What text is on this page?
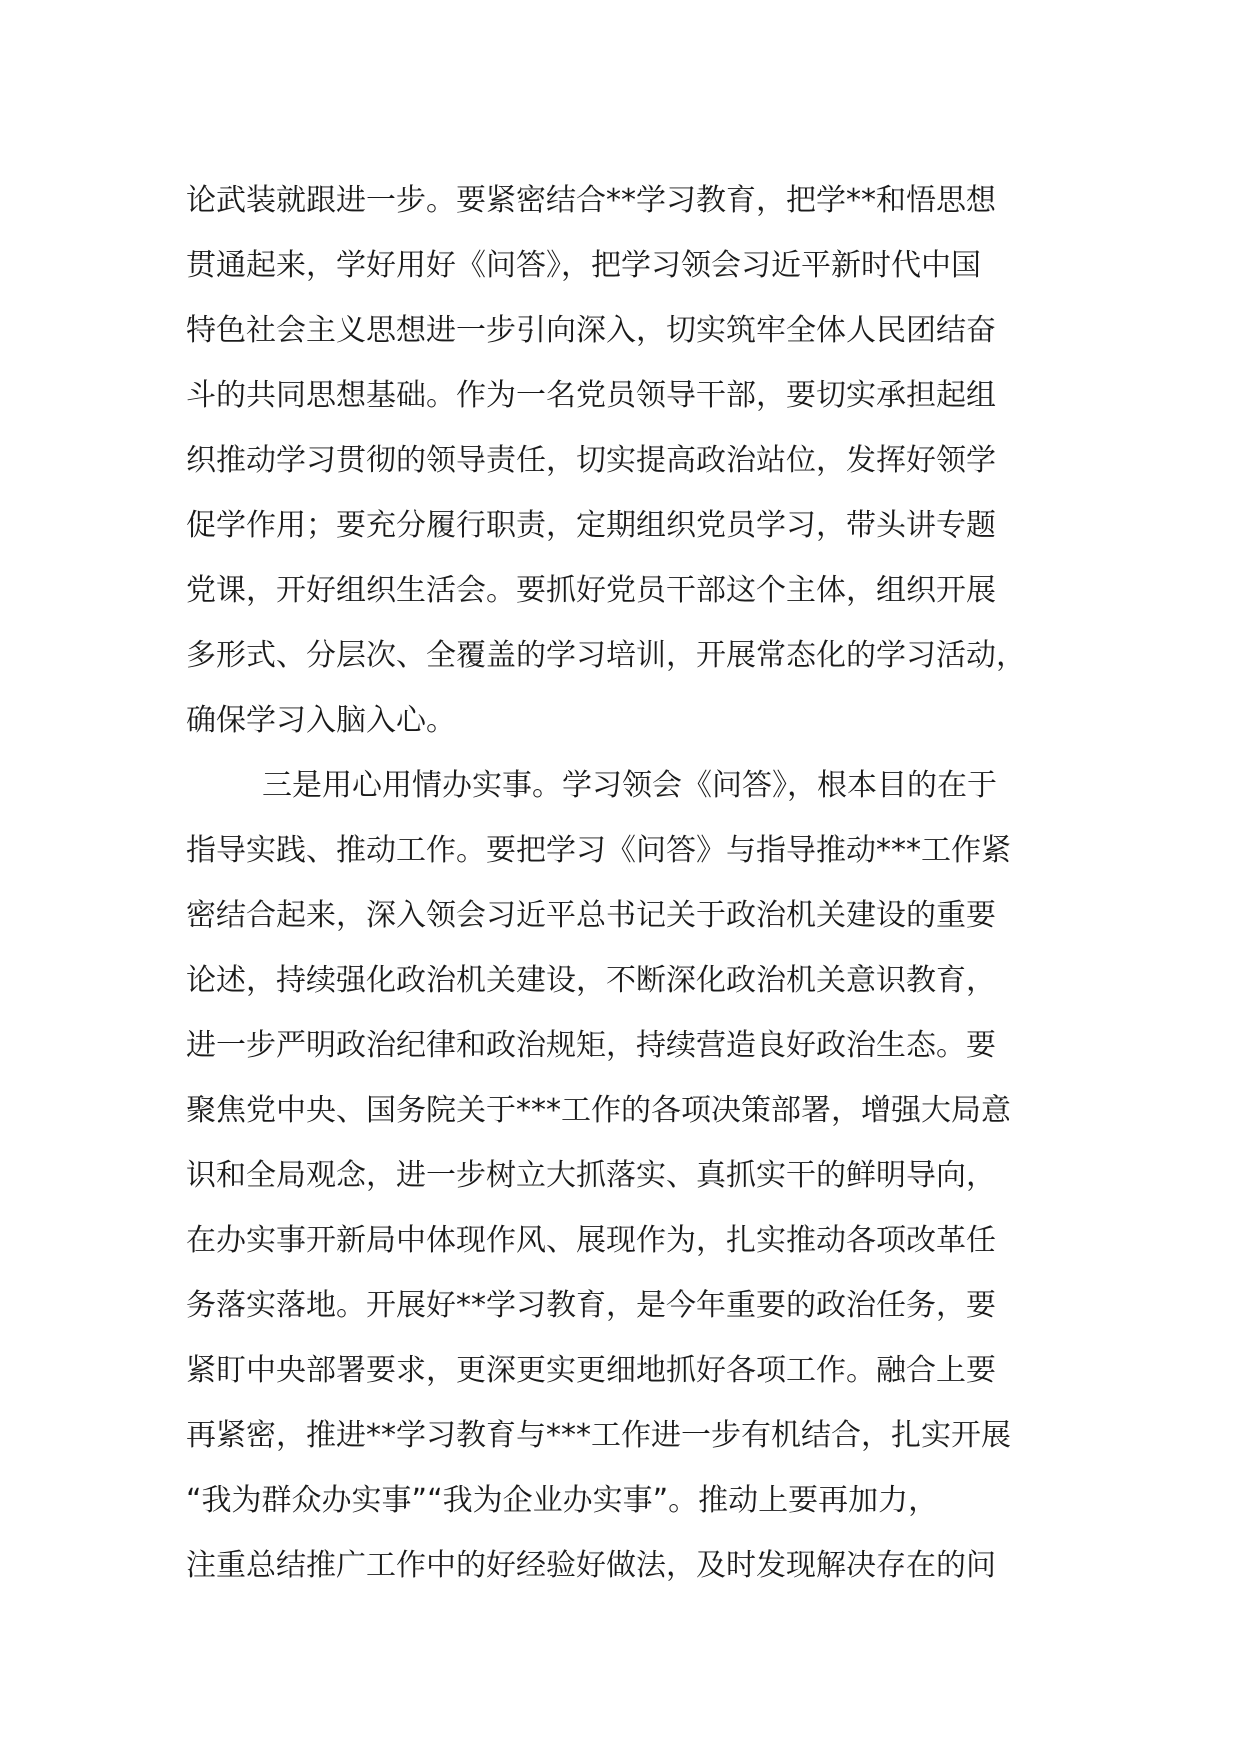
论武装就跟进一步。要紧密结合**学习教育，把学**和悟思想

贯通起来，学好用好《问答》，把学习领会习近平新时代中国

特色社会主义思想进一步引向深入，切实筑牢全体人民团结奋

斗的共同思想基础。作为一名党员领导干部，要切实承担起组

织推动学习贯彻的领导责任，切实提高政治站位，发挥好领学

促学作用；要充分履行职责，定期组织党员学习，带头讲专题

党课，开好组织生活会。要抓好党员干部这个主体，组织开展

多形式、分层次、全覆盖的学习培训，开展常态化的学习活动，

确保学习入脑入心。

三是用心用情办实事。学习领会《问答》，根本目的在于

指导实践、推动工作。要把学习《问答》与指导推动***工作紧

密结合起来，深入领会习近平总书记关于政治机关建设的重要

论述，持续强化政治机关建设，不断深化政治机关意识教育，

进一步严明政治纪律和政治规矩，持续营造良好政治生态。要

聚焦党中央、国务院关于***工作的各项决策部署，增强大局意

识和全局观念，进一步树立大抓落实、真抓实干的鲜明导向，

在办实事开新局中体现作风、展现作为，扎实推动各项改革任

务落实落地。开展好**学习教育，是今年重要的政治任务，要

紧盯中央部署要求，更深更实更细地抓好各项工作。融合上要

再紧密，推进**学习教育与***工作进一步有机结合，扎实开展

“我为群众办实事”“我为企业办实事”。推动上要再加力，

注重总结推广工作中的好经验好做法，及时发现解决存在的问
